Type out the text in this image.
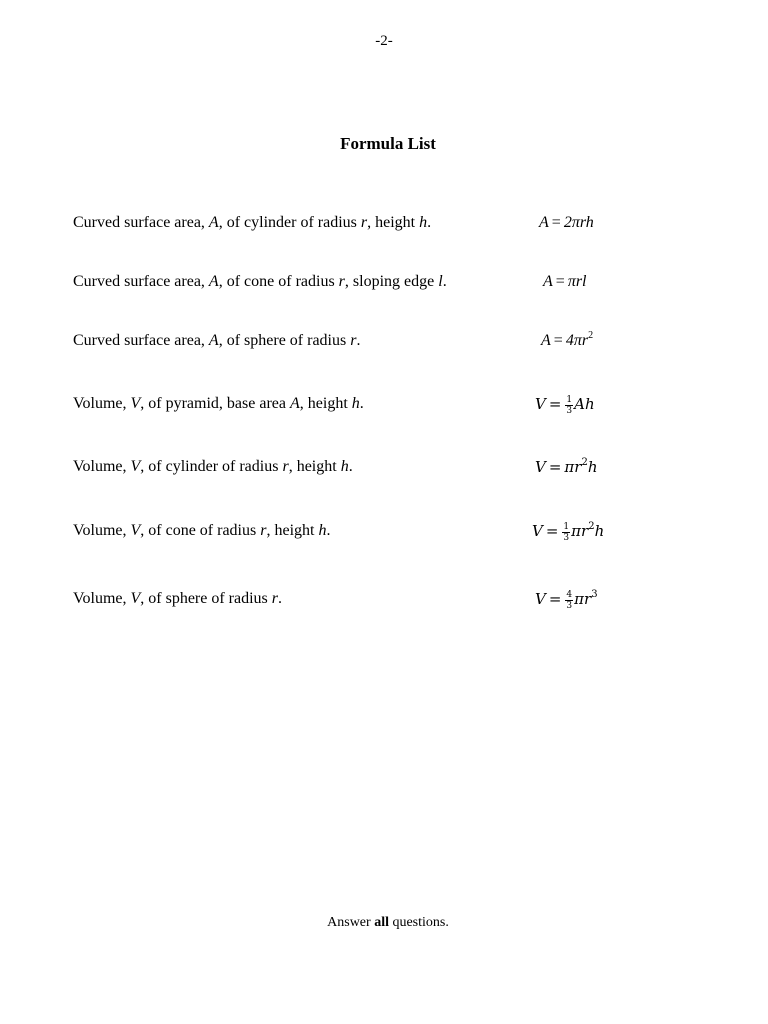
-2-
Formula List
Curved surface area, A, of cylinder of radius r, height h.	A = 2πrh
Curved surface area, A, of cone of radius r, sloping edge l.	A = πrl
Curved surface area, A, of sphere of radius r.	$A = 4\pi r^2$
Volume, V, of pyramid, base area A, height h.	$V = \frac{1}{3}$ Ah
Volume, V, of cylinder of radius r, height h.	$V = \pi r^2h$
Volume, V, of cone of radius r, height h.	$V = \frac{1}{3} \pi r^2h$
Volume, V, of sphere of radius r.	$V = \frac{4}{3} \pi r^3$
Answer all questions.
